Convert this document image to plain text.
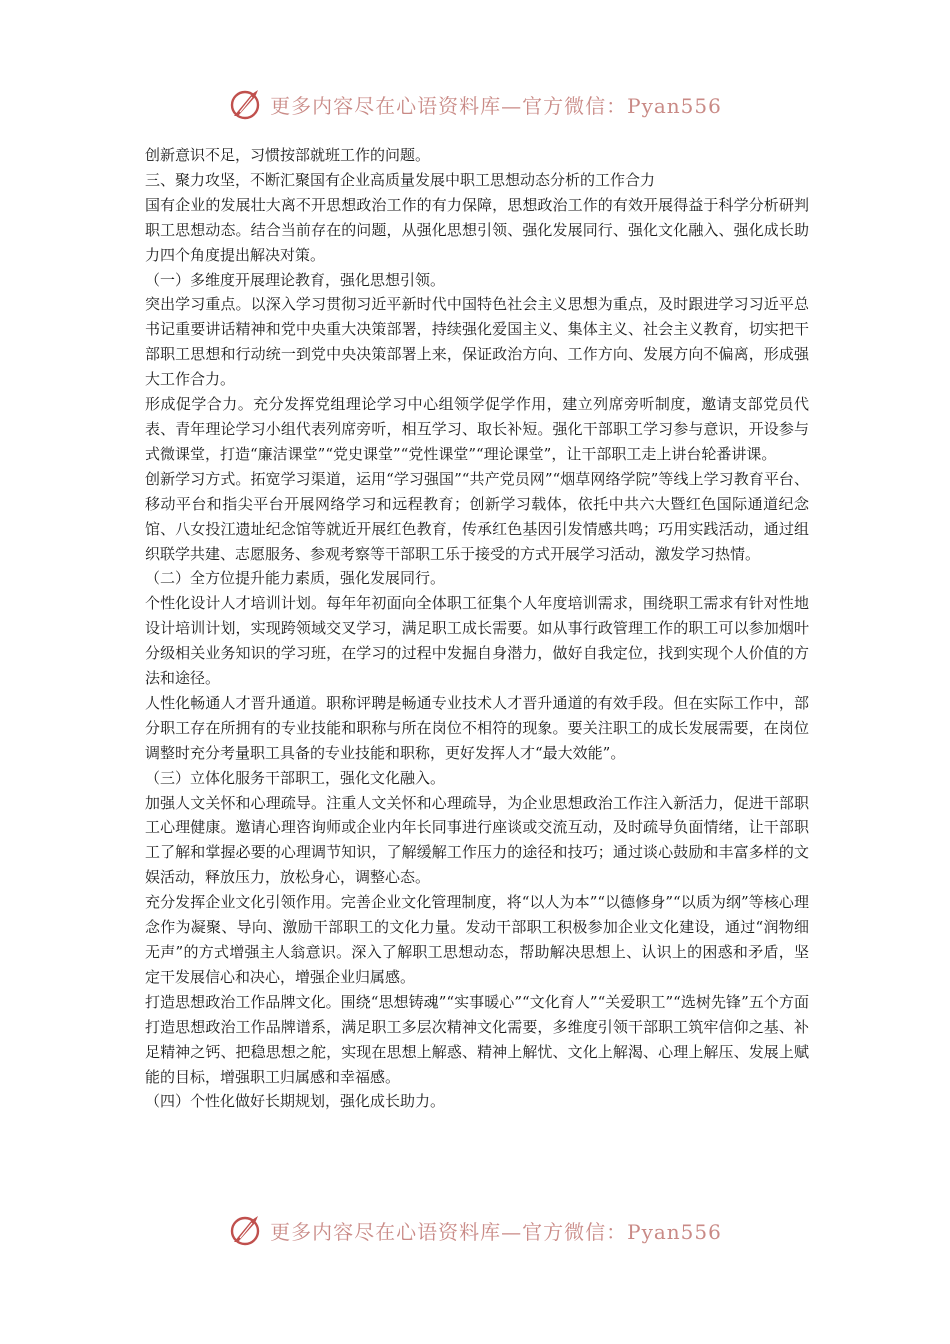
更多内容尽在心语资料库—官方微信：Pyan556

创新意识不足，习惯按部就班工作的问题。

三、聚力攻坚，不断汇聚国有企业高质量发展中职工思想动态分析的工作合力

国有企业的发展壮大离不开思想政治工作的有力保障，思想政治工作的有效开展得益于科学分析研判职工思想动态。结合当前存在的问题，从强化思想引领、强化发展同行、强化文化融入、强化成长助力四个角度提出解决对策。

（一）多维度开展理论教育，强化思想引领。

突出学习重点。以深入学习贯彻习近平新时代中国特色社会主义思想为重点，及时跟进学习习近平总书记重要讲话精神和党中央重大决策部署，持续强化爱国主义、集体主义、社会主义教育，切实把干部职工思想和行动统一到党中央决策部署上来，保证政治方向、工作方向、发展方向不偏离，形成强大工作合力。

形成促学合力。充分发挥党组理论学习中心组领学促学作用，建立列席旁听制度，邀请支部党员代表、青年理论学习小组代表列席旁听，相互学习、取长补短。强化干部职工学习参与意识，开设参与式微课堂，打造“廉洁课堂”“党史课堂”“党性课堂”“理论课堂”，让干部职工走上讲台轮番讲课。

创新学习方式。拓宽学习渠道，运用“学习强国”“共产党员网”“烟草网络学院”等线上学习教育平台、移动平台和指尖平台开展网络学习和远程教育；创新学习载体，依托中共六大暨红色国际通道纪念馆、八女投江遗址纪念馆等就近开展红色教育，传承红色基因引发情感共鸣；巧用实践活动，通过组织联学共建、志愿服务、参观考察等干部职工乐于接受的方式开展学习活动，激发学习热情。

（二）全方位提升能力素质，强化发展同行。

个性化设计人才培训计划。每年年初面向全体职工征集个人年度培训需求，围绕职工需求有针对性地设计培训计划，实现跨领域交叉学习，满足职工成长需要。如从事行政管理工作的职工可以参加烟叶分级相关业务知识的学习班，在学习的过程中发掘自身潜力，做好自我定位，找到实现个人价值的方法和途径。

人性化畅通人才晋升通道。职称评聘是畅通专业技术人才晋升通道的有效手段。但在实际工作中，部分职工存在所拥有的专业技能和职称与所在岗位不相符的现象。要关注职工的成长发展需要，在岗位调整时充分考量职工具备的专业技能和职称，更好发挥人才“最大效能”。

（三）立体化服务干部职工，强化文化融入。

加强人文关怀和心理疏导。注重人文关怀和心理疏导，为企业思想政治工作注入新活力，促进干部职工心理健康。邀请心理咨询师或企业内年长同事进行座谈或交流互动，及时疏导负面情绪，让干部职工了解和掌握必要的心理调节知识，了解缓解工作压力的途径和技巧；通过谈心鼓励和丰富多样的文娱活动，释放压力，放松身心，调整心态。

充分发挥企业文化引领作用。完善企业文化管理制度，将“以人为本”“以德修身”“以质为纲”等核心理念作为凝聚、导向、激励干部职工的文化力量。发动干部职工积极参加企业文化建设，通过“润物细无声”的方式增强主人翁意识。深入了解职工思想动态，帮助解决思想上、认识上的困惑和矛盾，坚定干发展信心和决心，增强企业归属感。

打造思想政治工作品牌文化。围绕“思想铸魂”“实事暖心”“文化育人”“关爱职工”“选树先锋”五个方面打造思想政治工作品牌谱系，满足职工多层次精神文化需要，多维度引领干部职工筑牢信仰之基、补足精神之钙、把稳思想之舵，实现在思想上解惑、精神上解忧、文化上解渴、心理上解压、发展上赋能的目标，增强职工归属感和幸福感。

（四）个性化做好长期规划，强化成长助力。

更多内容尽在心语资料库—官方微信：Pyan556
